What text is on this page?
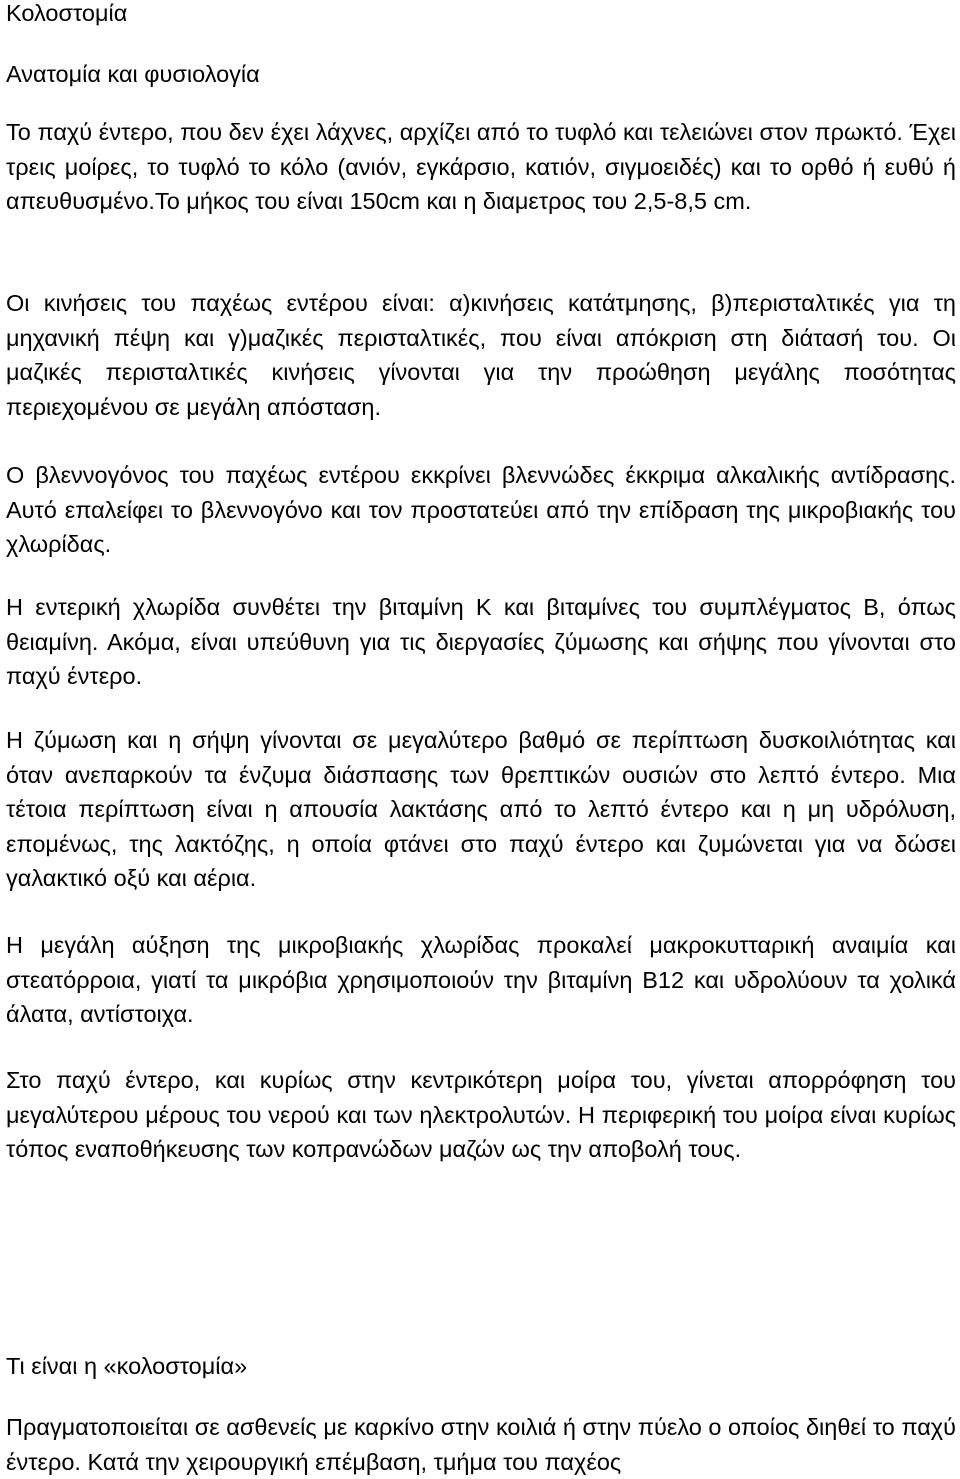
Κολοστομία
Ανατομία και φυσιολογία

Το παχύ έντερο, που δεν έχει λάχνες, αρχίζει από το τυφλό και τελειώνει στον πρωκτό. Έχει τρεις μοίρες, το τυφλό το κόλο (ανιόν, εγκάρσιο, κατιόν, σιγμοειδές) και το ορθό ή ευθύ ή απευθυσμένο.Το μήκος του είναι 150cm και η διαμετρος του 2,5-8,5 cm.

Οι κινήσεις του παχέως εντέρου είναι: α)κινήσεις κατάτμησης, β)περισταλτικές για τη μηχανική πέψη και γ)μαζικές περισταλτικές, που είναι απόκριση στη διάτασή του. Οι μαζικές περισταλτικές κινήσεις γίνονται για την προώθηση μεγάλης ποσότητας περιεχομένου σε μεγάλη απόσταση.

Ο βλεννογόνος του παχέως εντέρου εκκρίνει βλεννώδες έκκριμα αλκαλικής αντίδρασης. Αυτό επαλείφει το βλεννογόνο και τον προστατεύει από την επίδραση της μικροβιακής του χλωρίδας.

Η εντερική χλωρίδα συνθέτει την βιταμίνη Κ και βιταμίνες του συμπλέγματος Β, όπως θειαμίνη. Ακόμα, είναι υπεύθυνη για τις διεργασίες ζύμωσης και σήψης που γίνονται στο παχύ έντερο.

Η ζύμωση και η σήψη γίνονται σε μεγαλύτερο βαθμό σε περίπτωση δυσκοιλιότητας και όταν ανεπαρκούν τα ένζυμα διάσπασης των θρεπτικών ουσιών στο λεπτό έντερο. Μια τέτοια περίπτωση είναι η απουσία λακτάσης από το λεπτό έντερο και η μη υδρόλυση, επομένως, της λακτόζης, η οποία φτάνει στο παχύ έντερο και ζυμώνεται για να δώσει γαλακτικό οξύ και αέρια.

Η μεγάλη αύξηση της μικροβιακής χλωρίδας προκαλεί μακροκυτταρική αναιμία και στεατόρροια, γιατί τα μικρόβια χρησιμοποιούν την βιταμίνη Β12 και υδρολύουν τα χολικά άλατα, αντίστοιχα.

Στο παχύ έντερο, και κυρίως στην κεντρικότερη μοίρα του, γίνεται απορρόφηση του μεγαλύτερου μέρους του νερού και των ηλεκτρολυτών. Η περιφερική του μοίρα είναι κυρίως τόπος εναποθήκευσης των κοπρανώδων μαζών ως την αποβολή τους.

Τι είναι η «κολοστομία»

Πραγματοποιείται σε ασθενείς με καρκίνο στην κοιλιά ή στην πύελο ο οποίος διηθεί το παχύ έντερο. Κατά την χειρουργική επέμβαση, τμήμα του παχέος
